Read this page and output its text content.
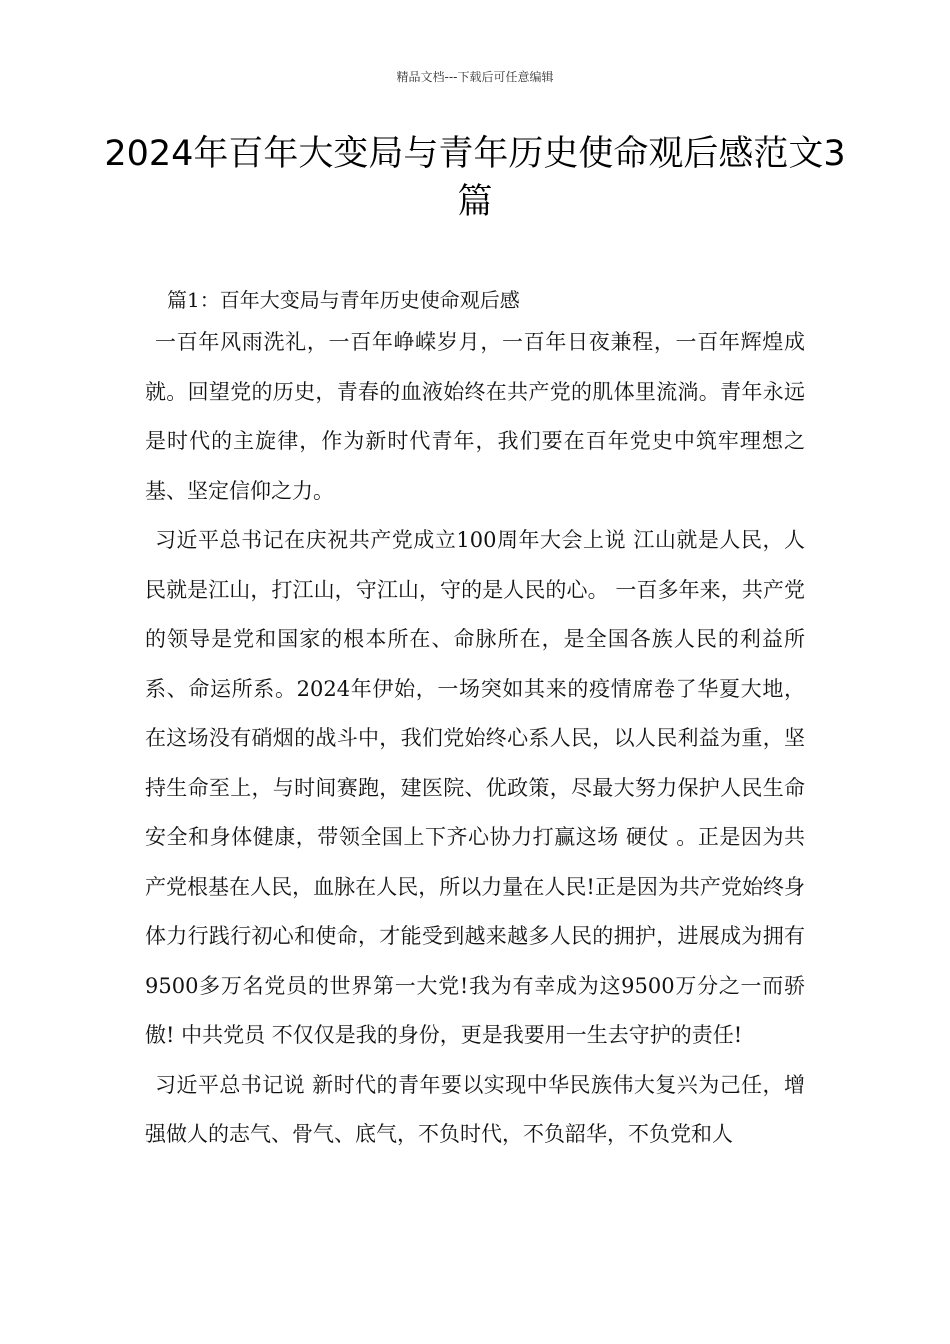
精品文档---下载后可任意编辑
2024年百年大变局与青年历史使命观后感范文3篇

篇1：百年大变局与青年历史使命观后感

一百年风雨洗礼，一百年峥嵘岁月，一百年日夜兼程，一百年辉煌成就。回望党的历史，青春的血液始终在共产党的肌体里流淌。青年永远是时代的主旋律，作为新时代青年，我们要在百年党史中筑牢理想之基、坚定信仰之力。

习近平总书记在庆祝共产党成立100周年大会上说 江山就是人民，人民就是江山，打江山，守江山，守的是人民的心。 一百多年来，共产党的领导是党和国家的根本所在、命脉所在，是全国各族人民的利益所系、命运所系。2024年伊始，一场突如其来的疫情席卷了华夏大地，在这场没有硝烟的战斗中，我们党始终心系人民，以人民利益为重，坚持生命至上，与时间赛跑，建医院、优政策，尽最大努力保护人民生命安全和身体健康，带领全国上下齐心协力打赢这场 硬仗 。正是因为共产党根基在人民，血脉在人民，所以力量在人民!正是因为共产党始终身体力行践行初心和使命，才能受到越来越多人民的拥护，进展成为拥有9500多万名党员的世界第一大党!我为有幸成为这9500万分之一而骄傲! 中共党员 不仅仅是我的身份，更是我要用一生去守护的责任!

习近平总书记说 新时代的青年要以实现中华民族伟大复兴为己任，增强做人的志气、骨气、底气，不负时代，不负韶华，不负党和人
